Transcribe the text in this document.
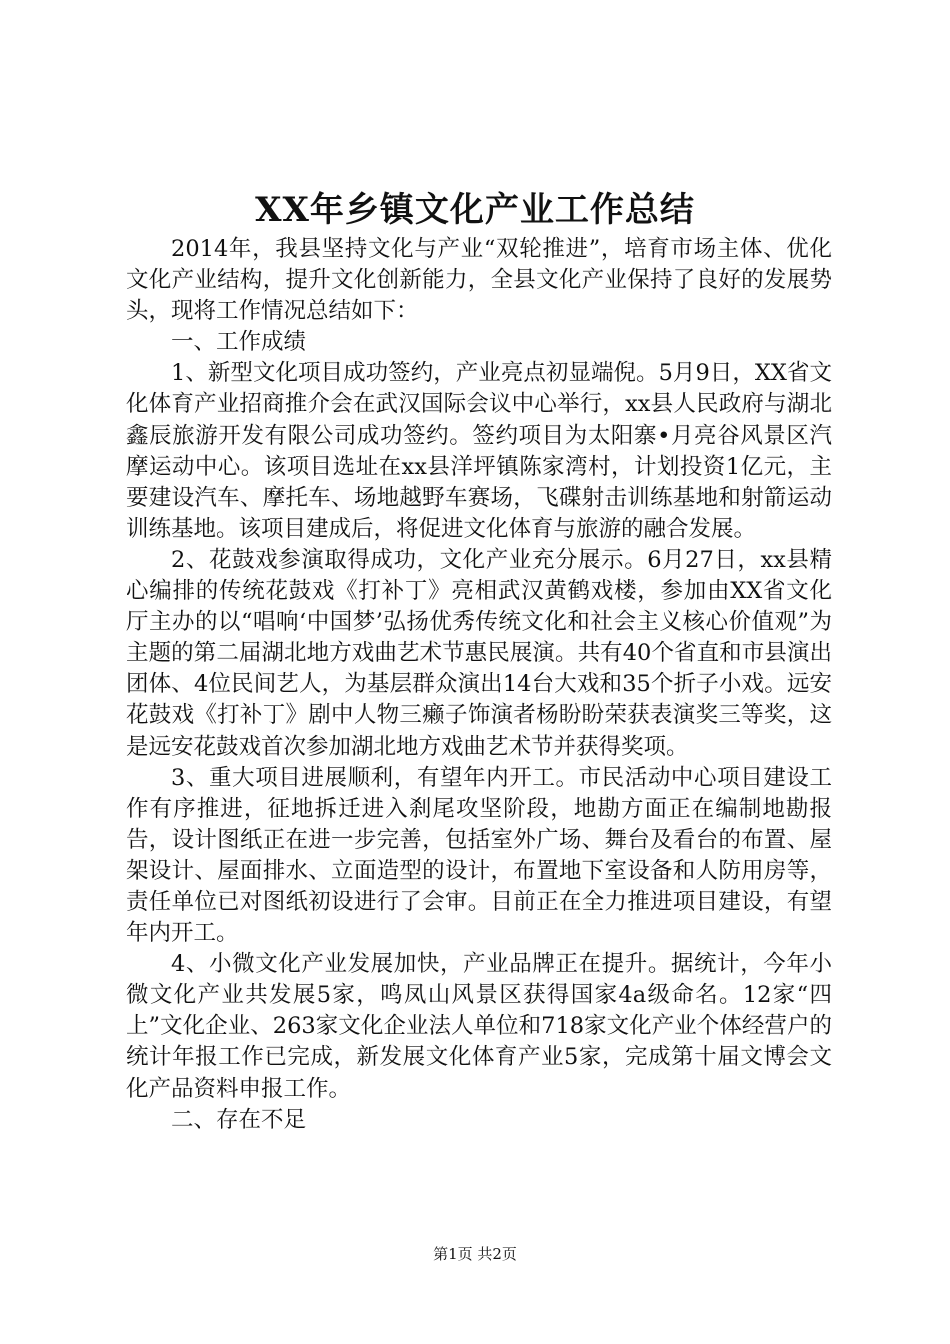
XX年乡镇文化产业工作总结

2014年，我县坚持文化与产业“双轮推进”，培育市场主体、优化文化产业结构，提升文化创新能力，全县文化产业保持了良好的发展势头，现将工作情况总结如下：

一、工作成绩

1、新型文化项目成功签约，产业亮点初显端倪。5月9日，XX省文化体育产业招商推介会在武汉国际会议中心举行，xx县人民政府与湖北鑫辰旅游开发有限公司成功签约。签约项目为太阳寨•月亮谷风景区汽摩运动中心。该项目选址在xx县洋坪镇陈家湾村，计划投资1亿元，主要建设汽车、摩托车、场地越野车赛场，飞碟射击训练基地和射箭运动训练基地。该项目建成后，将促进文化体育与旅游的融合发展。

2、花鼓戏参演取得成功，文化产业充分展示。6月27日，xx县精心编排的传统花鼓戏《打补丁》亮相武汉黄鹤戏楼，参加由XX省文化厅主办的以“唱响‘中国梦’弘扬优秀传统文化和社会主义核心价值观”为主题的第二届湖北地方戏曲艺术节惠民展演。共有40个省直和市县演出团体、4位民间艺人，为基层群众演出14台大戏和35个折子小戏。远安花鼓戏《打补丁》剧中人物三癞子饰演者杨盼盼荣获表演奖三等奖，这是远安花鼓戏首次参加湖北地方戏曲艺术节并获得奖项。

3、重大项目进展顺利，有望年内开工。市民活动中心项目建设工作有序推进，征地拆迁进入刹尾攻坚阶段，地勘方面正在编制地勘报告，设计图纸正在进一步完善，包括室外广场、舞台及看台的布置、屋架设计、屋面排水、立面造型的设计，布置地下室设备和人防用房等，责任单位已对图纸初设进行了会审。目前正在全力推进项目建设，有望年内开工。

4、小微文化产业发展加快，产业品牌正在提升。据统计，今年小微文化产业共发展5家，鸣凤山风景区获得国家4a级命名。12家“四上”文化企业、263家文化企业法人单位和718家文化产业个体经营户的统计年报工作已完成，新发展文化体育产业5家，完成第十届文博会文化产品资料申报工作。

二、存在不足

第1页 共2页
